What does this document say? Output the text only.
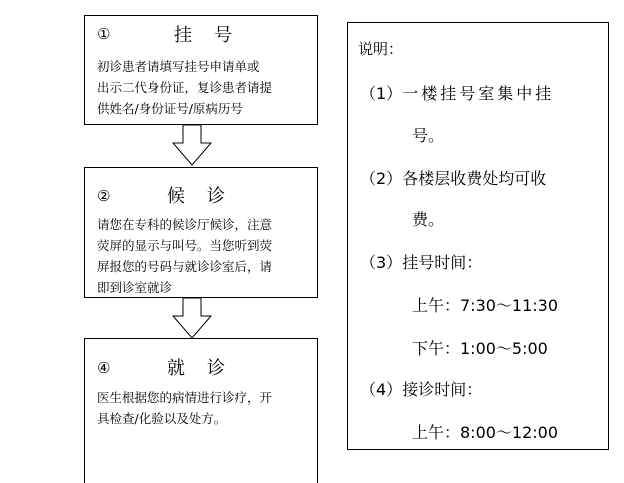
①	挂号
初诊患者请填写挂号申请单或
出示二代身份证，复诊患者请提
供姓名/身份证号/原病历号
②	候诊
请您在专科的候诊厅候诊，注意
荧屏的显示与叫号。当您听到荧
屏报您的号码与就诊诊室后，请
即到诊室就诊
④	就诊
医生根据您的病情进行诊疗，开
具检查/化验以及处方。
说明：
（1）一楼挂号室集中挂
号。
（2）各楼层收费处均可收
费。
（3）挂号时间：
上午：7:30～11:30
下午：1:00～5:00
（4）接诊时间：
上午：8:00～12:00
